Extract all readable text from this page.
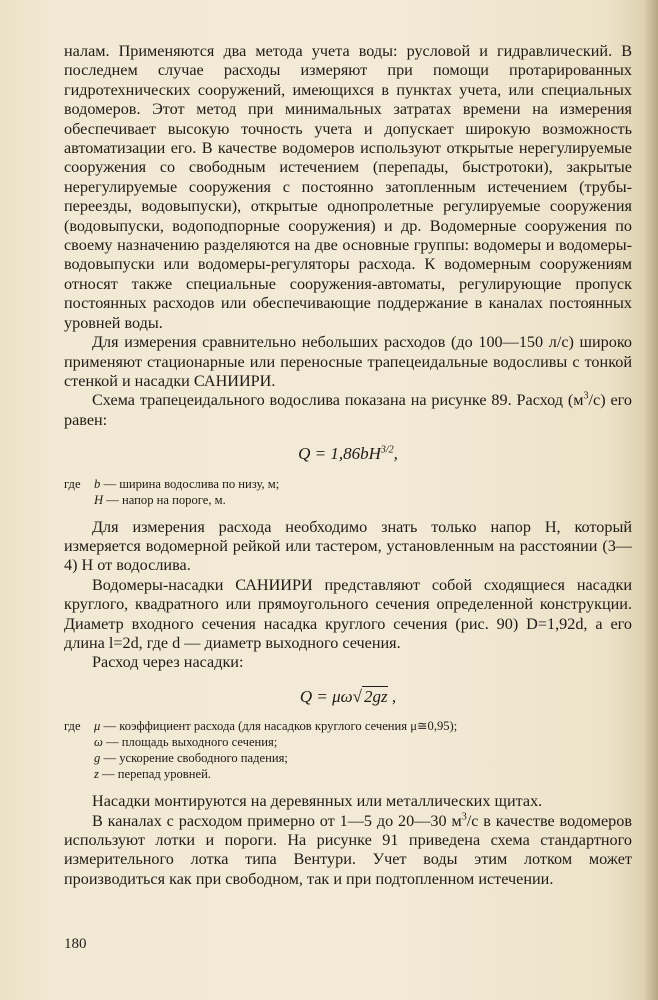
налам. Применяются два метода учета воды: русловой и гидравлический. В последнем случае расходы измеряют при помощи протарированных гидротехнических сооружений, имеющихся в пунктах учета, или специальных водомеров. Этот метод при минимальных затратах времени на измерения обеспечивает высокую точность учета и допускает широкую возможность автоматизации его. В качестве водомеров используют открытые нерегулируемые сооружения со свободным истечением (перепады, быстротоки), закрытые нерегулируемые сооружения с постоянно затопленным истечением (трубы-переезды, водовыпуски), открытые однопролетные регулируемые сооружения (водовыпуски, водоподпорные сооружения) и др. Водомерные сооружения по своему назначению разделяются на две основные группы: водомеры и водомеры-водовыпуски или водомеры-регуляторы расхода. К водомерным сооружениям относят также специальные сооружения-автоматы, регулирующие пропуск постоянных расходов или обеспечивающие поддержание в каналах постоянных уровней воды.

Для измерения сравнительно небольших расходов (до 100—150 л/с) широко применяют стационарные или переносные трапецеидальные водосливы с тонкой стенкой и насадки САНИИРИ.

Схема трапецеидального водослива показана на рисунке 89. Расход $(м^3/с)$ его равен:

$Q = 1,86bH^{3/2}$,
где b — ширина водослива по низу, м;
H — напор на пороге, м.

Для измерения расхода необходимо знать только напор H, который измеряется водомерной рейкой или тастером, установленным на расстоянии (3—4) H от водослива.

Водомеры-насадки САНИИРИ представляют собой сходящиеся насадки круглого, квадратного или прямоугольного сечения определенной конструкции. Диаметр входного сечения насадка круглого сечения (рис. 90) D=1,92d, а его длина l=2d, где d — диаметр выходного сечения.

Расход через насадки:

Q = μω√ 2gz ,
где μ — коэффициент расхода (для насадков круглого сечения μ≅0,95);
ω — площадь выходного сечения;
g — ускорение свободного падения;
z — перепад уровней.

Насадки монтируются на деревянных или металлических щитах.

В каналах с расходом примерно от 1—5 до 20—30 $м^3/с$ в качестве водомеров используют лотки и пороги. На рисунке 91 приведена схема стандартного измерительного лотка типа Вентури. Учет воды этим лотком может производиться как при свободном, так и при подтопленном истечении.

180
